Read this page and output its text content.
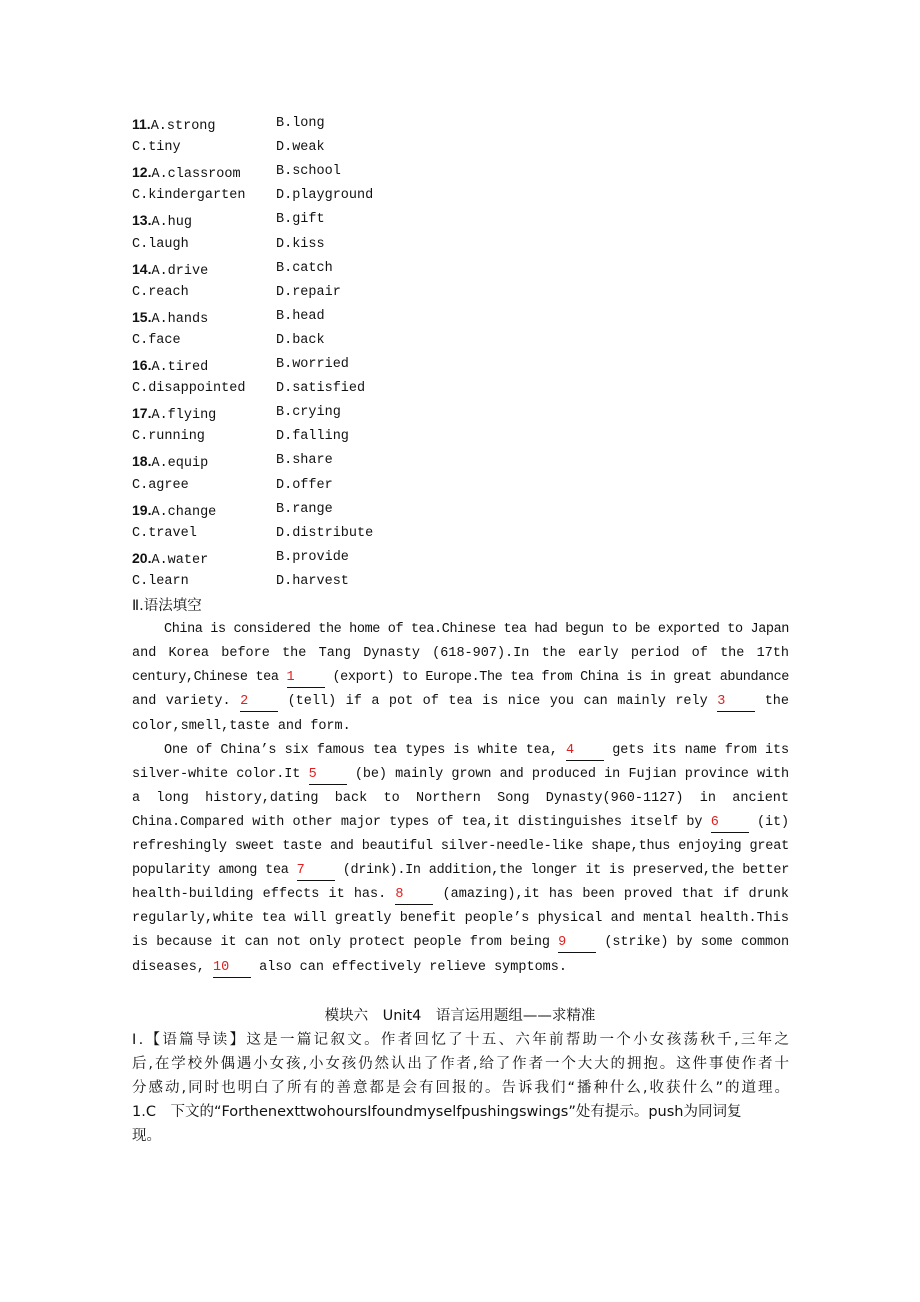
11.A.strong	B.long
C.tiny	D.weak
12.A.classroom	B.school
C.kindergarten D.playground
13.A.hug	B.gift
C.laugh	D.kiss
14.A.drive	B.catch
C.reach	D.repair
15.A.hands	B.head
C.face	D.back
16.A.tired	B.worried
C.disappointed D.satisfied
17.A.flying	B.crying
C.running	D.falling
18.A.equip	B.share
C.agree	D.offer
19.A.change	B.range
C.travel	D.distribute
20.A.water	B.provide
C.learn	D.harvest
Ⅱ.语法填空
China is considered the home of tea.Chinese tea had begun to be exported to Japan
and Korea before the Tang Dynasty (618-907).In the early period of the 17th
century,Chinese tea 1	(export) to Europe.The tea from China is in great abundance
and variety. 2	(tell) if a pot of tea is nice you can mainly rely 3	the
color,smell,taste and form.
One of China’s six famous tea types is white tea, 4	gets its name from its
silver-white color.It 5	(be) mainly grown and produced in Fujian province with
a long history,dating back to Northern Song Dynasty(960-1127) in ancient
China.Compared with other major types of tea,it distinguishes itself by 6	(it)
refreshingly sweet taste and beautiful silver-needle-like shape,thus enjoying great
popularity among tea 7	(drink).In addition,the longer it is preserved,the better
health-building effects it has. 8	(amazing),it has been proved that if drunk
regularly,white tea will greatly benefit people’s physical and mental health.This
is because it can not only protect people from being 9	(strike) by some common
diseases, 10 also can effectively relieve symptoms.
模块六　Unit4　语言运用题组——求精准
Ⅰ.【语篇导读】这是一篇记叙文。作者回忆了十五、六年前帮助一个小女孩荡秋千,三年之
后,在学校外偶遇小女孩,小女孩仍然认出了作者,给了作者一个大大的拥抱。这件事使作者十
分感动,同时也明白了所有的善意都是会有回报的。告诉我们“播种什么,收获什么”的道理。
1.C　下文的“ForthenexttwohoursIfoundmyselfpushingswings”处有提示。push为同词复
现。
